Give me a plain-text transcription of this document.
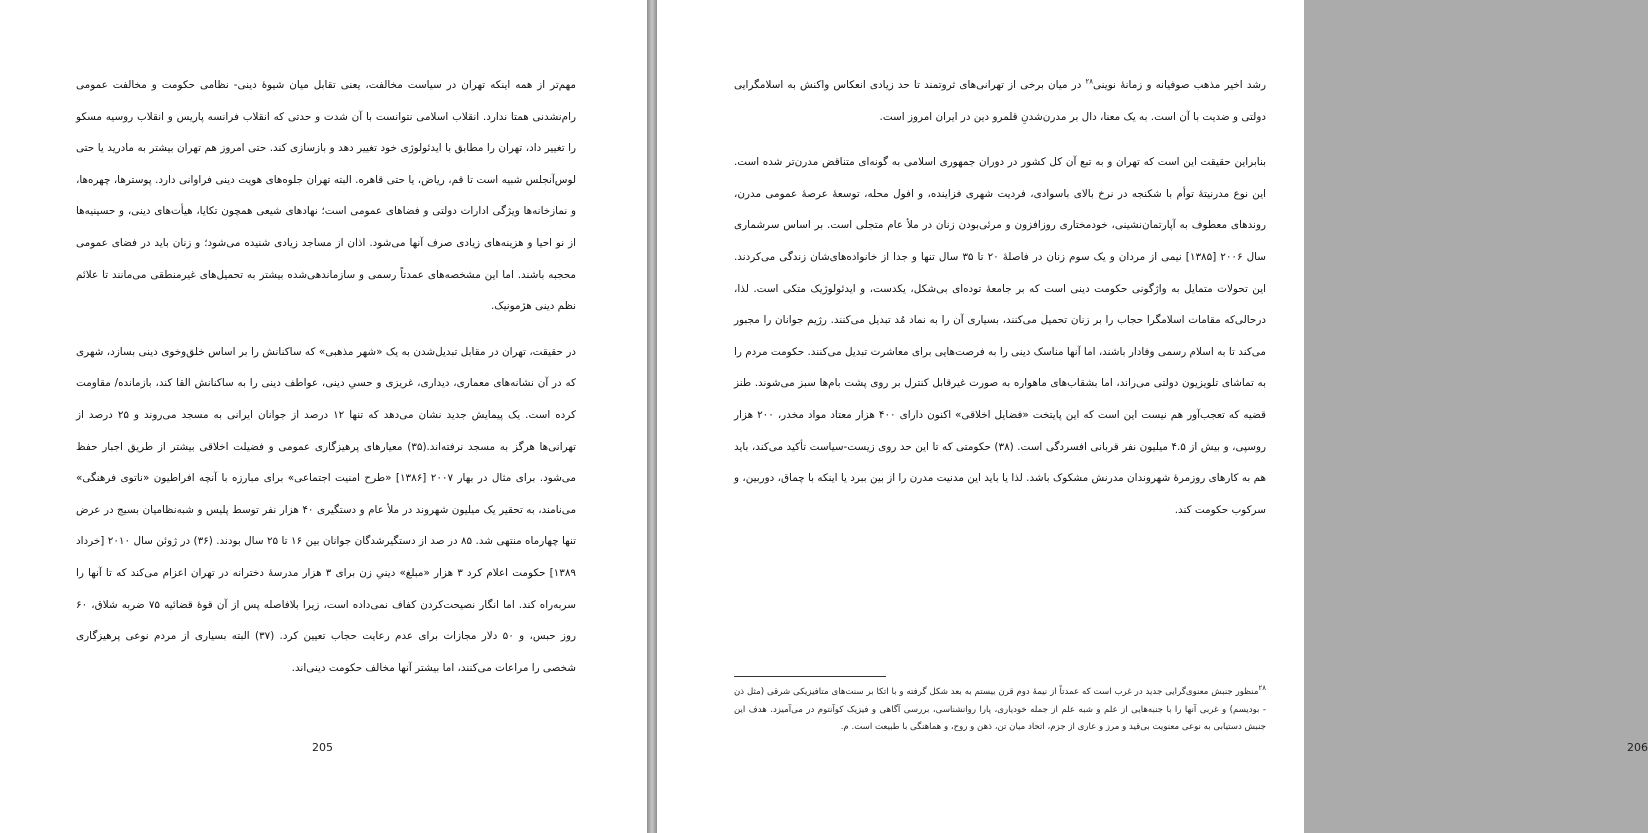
مهم‌تر از همه اینکه تهران در سیاست مخالفت، یعنی تقابل میان شیوهٔ دینی- نظامی حکومت و مخالفت عمومی رام‌نشدنی همتا ندارد. انقلاب اسلامی نتوانست با آن شدت و حدتی که انقلاب فرانسه پاریس و انقلاب روسیه مسکو را تغییر داد، تهران را مطابق با ایدئولوژی خود تغییر دهد و بازسازی کند. حتی امروز هم تهران بیشتر به مادرید یا حتی لوس‌آنجلس شبیه است تا قم، ریاض، یا حتی قاهره. البته تهران جلوه‌های هویت دینی فراوانی دارد. پوسترها، چهره‌ها، و نمازخانه‌ها ویژگی ادارات دولتی و فضاهای عمومی است؛ نهادهای شیعی همچون تکایا، هیأت‌های دینی، و حسینیه‌ها از نو احیا و هزینه‌های زیادی صرف آنها می‌شود. اذان از مساجد زیادی شنیده می‌شود؛ و زنان باید در فضای عمومی محجبه باشند. اما این مشخصه‌های عمدتاً رسمی و سازماندهی‌شده بیشتر به تحمیل‌های غیرمنطقی می‌مانند تا علائم نظم دینی هژمونیک.

در حقیقت، تهران در مقابل تبدیل‌شدن به یک «شهر مذهبی» که ساکنانش را بر اساس خلق‌وخوی دینی بسازد، شهری که در آن نشانه‌های معماری، دیداری، غریزی و حسیِ دینی، عواطف دینی را به ساکنانش القا کند، بازمانده/ مقاومت کرده است. یک پیمایش جدید نشان می‌دهد که تنها ۱۲ درصد از جوانان ایرانی به مسجد می‌روند و ۲۵ درصد از تهرانی‌ها هرگز به مسجد نرفته‌اند.(۳۵) معیارهای پرهیزگاری عمومی و فضیلت اخلاقی بیشتر از طریق اجبار حفظ می‌شود. برای مثال در بهار ۲۰۰۷ [۱۳۸۶] «طرح امنیت اجتماعی» برای مبارزه با آنچه افراطیون «ناتوی فرهنگی» می‌نامند، به تحقیر یک میلیون شهروند در ملأ عام و دستگیری ۴۰ هزار نفر توسط پلیس و شبه‌نظامیان بسیج در عرض تنها چهارماه منتهی شد. ۸۵ در صد از دستگیرشدگان جوانان بین ۱۶ تا ۲۵ سال بودند. (۳۶) در ژوئن سال ۲۰۱۰ [خرداد ۱۳۸۹] حکومت اعلام کرد ۳ هزار «مبلغ» دینیِ زن برای ۳ هزار مدرسهٔ دخترانه در تهران اعزام می‌کند که تا آنها را سربه‌راه کند. اما انگار نصیحت‌کردن کفاف نمی‌داده است، زیرا بلافاصله پس از آن قوهٔ قضائیه ۷۵ ضربه شلاق، ۶۰ روز حبس، و ۵۰ دلار مجازات برای عدم رعایت حجاب تعیین کرد. (۳۷) البته بسیاری از مردم نوعی پرهیزگاری شخصی را مراعات می‌کنند، اما بیشتر آنها مخالف حکومت دینی‌اند.

205	206

رشد اخیر مذهب صوفیانه و زمانهٔ نوینی$^{۲۸}$ در میان برخی از تهرانی‌های ثروتمند تا حد زیادی انعکاس واکنش به اسلامگرایی دولتی و ضدیت با آن است. به یک معنا، دال بر مدرن‌شدنِ قلمرو دین در ایران امروز است.

بنابراین حقیقت این است که تهران و به تبع آن کل کشور در دوران جمهوری اسلامی به گونه‌ای متناقض مدرن‌تر شده است. این نوع مدرنیتهٔ توأم با شکنجه در نرخ بالای باسوادی، فردیت شهری فزاینده، و افول محله، توسعهٔ عرصهٔ عمومی مدرن، روندهای معطوف به آپارتمان‌نشینی، خودمختاری روزافزون و مرئی‌بودن زنان در ملأ عام متجلی است. بر اساس سرشماری سال ۲۰۰۶ [۱۳۸۵] نیمی از مردان و یک سوم زنان در فاصلهٔ ۲۰ تا ۳۵ سال تنها و جدا از خانواده‌های‌شان زندگی می‌کردند. این تحولات متمایل به واژگونی حکومت دینی است که بر جامعهٔ توده‌ای بی‌شکل، یکدست، و ایدئولوژیک متکی است. لذا، درحالی‌که مقامات اسلامگرا حجاب را بر زنان تحمیل می‌کنند، بسیاری آن را به نماد مُد تبدیل می‌کنند. رژیم جوانان را مجبور می‌کند تا به اسلام رسمی وفادار باشند، اما آنها مناسک دینی را به فرصت‌هایی برای معاشرت تبدیل می‌کنند. حکومت مردم را به تماشای تلویزیون دولتی می‌راند، اما بشقاب‌های ماهواره به صورت غیرقابل کنترل بر روی پشت بام‌ها سبز می‌شوند. طنز قضیه که تعجب‌آور هم نیست این است که این پایتخت «فضایل اخلاقی» اکنون دارای ۴۰۰ هزار معتاد مواد مخدر، ۲۰۰ هزار روسپی، و بیش از ۴.۵ میلیون نفر قربانی افسردگی است. (۳۸) حکومتی که تا این حد روی زیست-سیاست تأکید می‌کند، باید هم به کارهای روزمرهٔ شهروندان مدرنش مشکوک باشد. لذا یا باید این مدنیت مدرن را از بین ببرد یا اینکه با چماق، دوربین، و سرکوب حکومت کند.

$^{۲۸}$منظور جنبش معنوی‌گرایی جدید در غرب است که عمدتاً از نیمهٔ دوم قرن بیستم به بعد شکل گرفته و با اتکا بر سنت‌های متافیزیکی شرقی (مثل ذن - بودیسم) و غربی آنها را با جنبه‌هایی از علم و شبه علم از جمله خودیاری، پارا روانشناسی، بررسی آگاهی و فیزیک کوآنتوم در می‌آمیزد. هدف این جنبش دستیابی به نوعی معنویت بی‌قید و مرز و عاری از جزم، اتحاد میان تن، ذهن و روح، و هماهنگی با طبیعت است. م.
